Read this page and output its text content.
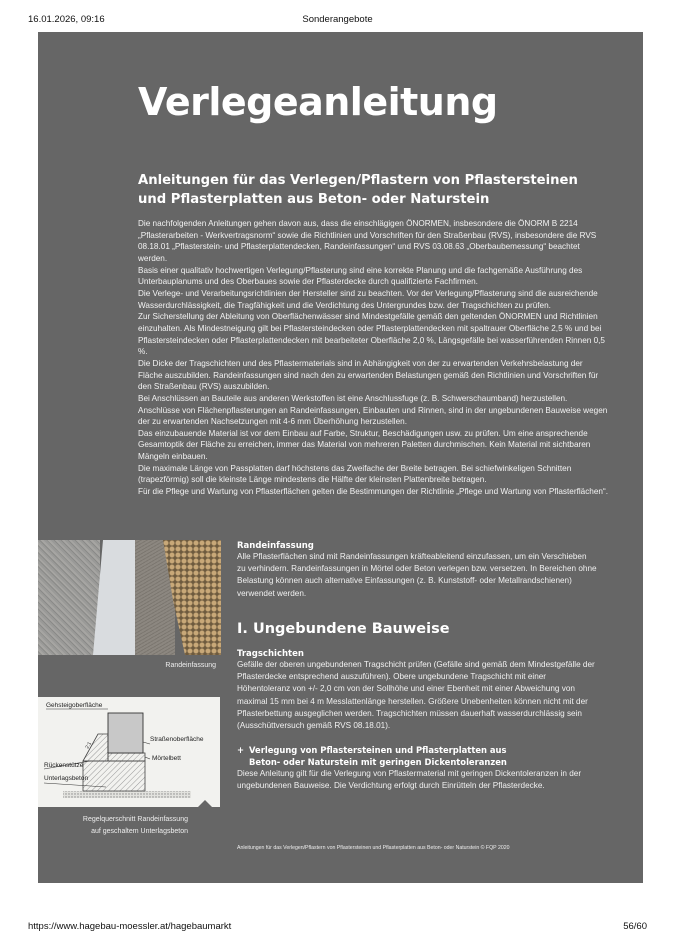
16.01.2026, 09:16	Sonderangebote
Verlegeanleitung
Anleitungen für das Verlegen/Pflastern von Pflastersteinen
und Pflasterplatten aus Beton- oder Naturstein

Die nachfolgenden Anleitungen gehen davon aus, dass die einschlägigen ÖNORMEN, insbesondere die ÖNORM B 2214 „Pflasterarbeiten - Werkvertragsnorm“ sowie die Richtlinien und Vorschriften für den Straßenbau (RVS), insbesondere die RVS 08.18.01 „Pflasterstein- und Pflasterplattendecken, Randeinfassungen“ und RVS 03.08.63 „Oberbaubemessung“ beachtet werden.

Basis einer qualitativ hochwertigen Verlegung/Pflasterung sind eine korrekte Planung und die fachgemäße Ausführung des Unterbauplanums und des Oberbaues sowie der Pflasterdecke durch qualifizierte Fachfirmen.

Die Verlege- und Verarbeitungsrichtlinien der Hersteller sind zu beachten. Vor der Verlegung/Pflasterung sind die ausreichende Wasserdurchlässigkeit, die Tragfähigkeit und die Verdichtung des Untergrundes bzw. der Tragschichten zu prüfen.

Zur Sicherstellung der Ableitung von Oberflächenwässer sind Mindestgefälle gemäß den geltenden ÖNORMEN und Richtlinien einzuhalten. Als Mindestneigung gilt bei Pflastersteindecken oder Pflasterplattendecken mit spaltrauer Oberfläche 2,5 % und bei Pflastersteindecken oder Pflasterplattendecken mit bearbeiteter Oberfläche 2,0 %, Längsgefälle bei wasserführenden Rinnen 0,5 %.

Die Dicke der Tragschichten und des Pflastermaterials sind in Abhängigkeit von der zu erwartenden Verkehrsbelastung der Fläche auszubilden. Randeinfassungen sind nach den zu erwartenden Belastungen gemäß den Richtlinien und Vorschriften für den Straßenbau (RVS) auszubilden.

Bei Anschlüssen an Bauteile aus anderen Werkstoffen ist eine Anschlussfuge (z. B. Schwerschaumband) herzustellen. Anschlüsse von Flächenpflasterungen an Randeinfassungen, Einbauten und Rinnen, sind in der ungebundenen Bauweise wegen der zu erwartenden Nachsetzungen mit 4-6 mm Überhöhung herzustellen.

Das einzubauende Material ist vor dem Einbau auf Farbe, Struktur, Beschädigungen usw. zu prüfen. Um eine ansprechende Gesamtoptik der Fläche zu erreichen, immer das Material von mehreren Paletten durchmischen. Kein Material mit sichtbaren Mängeln einbauen.

Die maximale Länge von Passplatten darf höchstens das Zweifache der Breite betragen. Bei schiefwinkeligen Schnitten (trapezförmig) soll die kleinste Länge mindestens die Hälfte der kleinsten Plattenbreite betragen.

Für die Pflege und Wartung von Pflasterflächen gelten die Bestimmungen der Richtlinie „Pflege und Wartung von Pflasterflächen“.

Randeinfassung
Gehsteigoberfläche
Straßenoberfläche
Mörtelbett
Rückenstütze
Unterlagsbeton
2:1

Regelquerschnitt Randeinfassung

auf geschaltem Unterlagsbeton

Randeinfassung

Alle Pflasterflächen sind mit Randeinfassungen kräfteableitend einzufassen, um ein Verschieben zu verhindern. Randeinfassungen in Mörtel oder Beton verlegen bzw. versetzen. In Bereichen ohne Belastung können auch alternative Einfassungen (z. B. Kunststoff- oder Metallrandschienen) verwendet werden.

I. Ungebundene Bauweise
Tragschichten

Gefälle der oberen ungebundenen Tragschicht prüfen (Gefälle sind gemäß dem Mindestgefälle der Pflasterdecke entsprechend auszuführen). Obere ungebundene Tragschicht mit einer Höhentoleranz von +/- 2,0 cm von der Sollhöhe und einer Ebenheit mit einer Abweichung von maximal 15 mm bei 4 m Messlattenlänge herstellen. Größere Unebenheiten können nicht mit der Pflasterbettung ausgeglichen werden. Tragschichten müssen dauerhaft wasserdurchlässig sein (Ausschüttversuch gemäß RVS 08.18.01).

+ Verlegung von Pflastersteinen und Pflasterplatten aus
Beton- oder Naturstein mit geringen Dickentoleranzen

Diese Anleitung gilt für die Verlegung von Pflastermaterial mit geringen Dickentoleranzen in der ungebundenen Bauweise. Die Verdichtung erfolgt durch Einrütteln der Pflasterdecke.

Anleitungen für das Verlegen/Pflastern von Pflastersteinen und Pflasterplatten aus Beton- oder Naturstein © FQP 2020
https://www.hagebau-moessler.at/hagebaumarkt	56/60
